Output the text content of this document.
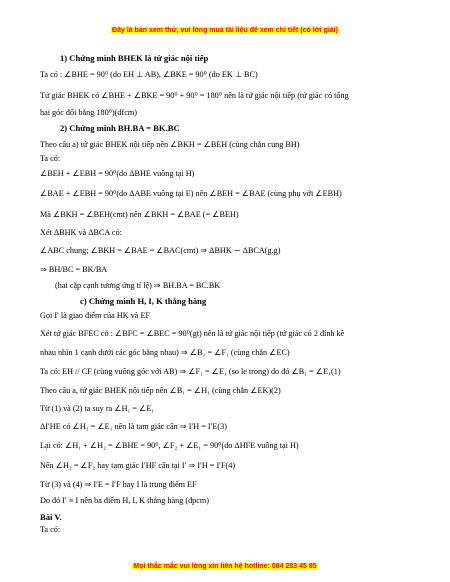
Đây là bản xem thử, vui lòng mua tài liệu để xem chi tiết (có lời giải)
1) Chứng minh BHEK là tứ giác nội tiếp
Ta có : ∠BHE = 90⁰ (do EH ⊥ AB), ∠BKE = 90⁰ (do EK ⊥ BC)
Tứ giác BHEK có ∠BHE + ∠BKE = 90⁰ + 90⁰ = 180⁰ nên là tứ giác nội tiếp (tứ giác có tổng
hai góc đối bằng 180⁰)(dfcm)
2) Chứng minh BH.BA = BK.BC
Theo câu a) tứ giác BHEK nội tiếp nên ∠BKH = ∠BEH (cùng chắn cung BH)
Ta có:
∠BEH + ∠EBH = 90⁰(do ΔBHE vuông tại H)
∠BAE + ∠EBH = 90⁰(do ΔABE vuông tại E) nên ∠BEH = ∠BAE (cùng phụ với ∠EBH)
Mà ∠BKH = ∠BEH(cmt) nên ∠BKH = ∠BAE (= ∠BEH)
Xét ΔBHK và ΔBCA có:
∠ABC chung; ∠BKH = ∠BAE = ∠BAC(cmt) ⇒ ΔBHK ∽ ΔBCA(g.g)
⇒ BH/BC = BK/BA
(hai cặp cạnh tương ứng tỉ lệ) ⇒ BH.BA = BC.BK
c) Chứng minh H, I, K thẳng hàng
Gọi I′ là giao điểm của HK và EF
Xét tứ giác BFEC có : ∠BFC = ∠BEC = 90⁰(gt) nên là tứ giác nội tiếp (tứ giác có 2 đỉnh kề
nhau nhìn 1 cạnh dưới các góc bằng nhau) ⇒ ∠B₁ = ∠F₁ (cùng chắn ∠EC)
Ta có: EH // CF (cùng vuông góc với AB) ⇒ ∠F₁ = ∠E₁ (so le trong) do đó ∠B₁ = ∠E₁(1)
Theo câu a, tứ giác BHEK nội tiếp nên ∠B₁ = ∠H₁ (cùng chắn ∠EK)(2)
Từ (1) và (2) ta suy ra ∠H₁ = ∠E₁
ΔI′HE có ∠H₁ = ∠E₁ nên là tam giác cân ⇒ I′H = I′E(3)
Lại có: ∠H₁ + ∠H₂ = ∠BHE = 90⁰, ∠F₂ + ∠E₁ = 90⁰(do ΔHFE vuông tại H)
Nên ∠H₂ = ∠F₂ hay tam giác I′HF cân tại I′ ⇒ I′H = I′F(4)
Từ (3) và (4) ⇒ I′E = I′F hay I là trung điểm EF
Do đó I′ ≡ I nên ba điểm H, I, K thẳng hàng (đpcm)
Bài V.
Ta có:
Mọi thắc mắc vui lòng xin liên hệ hotline: 084 283 45 85
